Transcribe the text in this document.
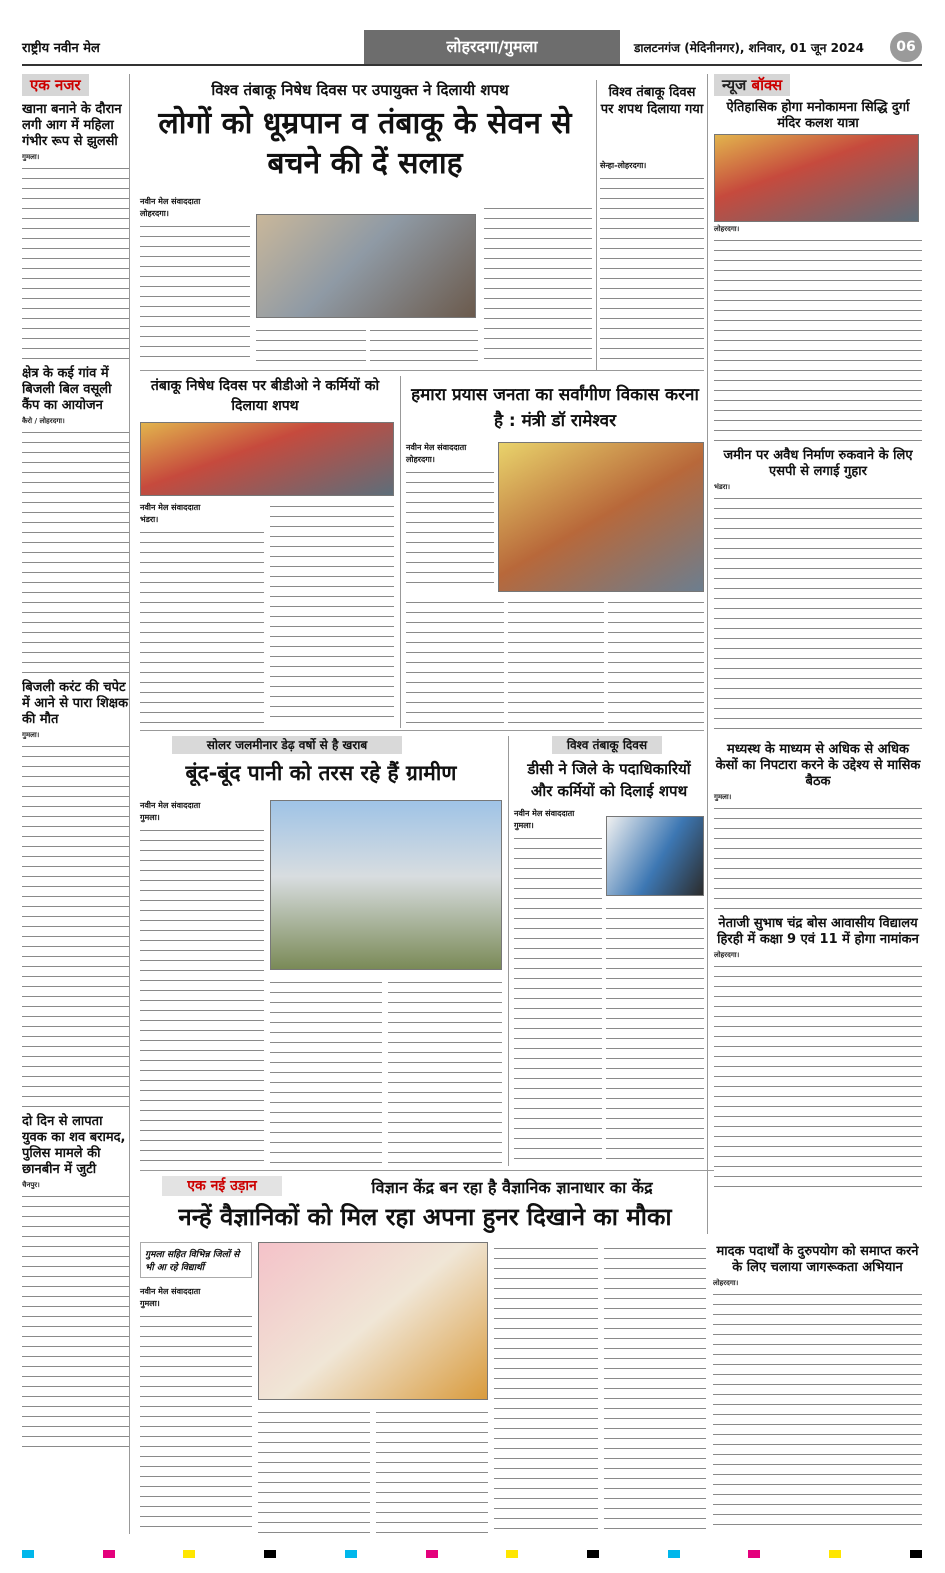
राष्ट्रीय नवीन मेल	लोहरदगा/गुमला	डालटनगंज (मेदिनीनगर), शनिवार, 01 जून 2024	06
एक नजर
खाना बनाने के दौरान लगी आग में महिला गंभीर रूप से झुलसी
गुमला।
क्षेत्र के कई गांव में बिजली बिल वसूली कैंप का आयोजन
कैरो / लोहरदगा।
बिजली करंट की चपेट में आने से पारा शिक्षक की मौत
गुमला।
दो दिन से लापता युवक का शव बरामद, पुलिस मामले की छानबीन में जुटी
चैनपुर।
विश्व तंबाकू निषेध दिवस पर उपायुक्त ने दिलायी शपथ
लोगों को धूम्रपान व तंबाकू के सेवन से बचने की दें सलाह
नवीन मेल संवाददाता
लोहरदगा।
विश्व तंबाकू दिवस पर शपथ दिलाया गया
सेन्हा-लोहरदगा।
तंबाकू निषेध दिवस पर बीडीओ ने कर्मियों को दिलाया शपथ
नवीन मेल संवाददाता
भंडरा।
हमारा प्रयास जनता का सर्वांगीण विकास करना है : मंत्री डॉ रामेश्वर
नवीन मेल संवाददाता
लोहरदगा।
सोलर जलमीनार डेढ़ वर्षो से है खराब
बूंद-बूंद पानी को तरस रहे हैं ग्रामीण
नवीन मेल संवाददाता
गुमला।
विश्व तंबाकू दिवस
डीसी ने जिले के पदाधिकारियों और कर्मियों को दिलाई शपथ
नवीन मेल संवाददाता
गुमला।
एक नई उड़ान	विज्ञान केंद्र बन रहा है वैज्ञानिक ज्ञानाधार का केंद्र
नन्हें वैज्ञानिकों को मिल रहा अपना हुनर दिखाने का मौका
गुमला सहित विभिन्न जिलों से भी आ रहे विद्यार्थी
नवीन मेल संवाददाता
गुमला।
न्यूज बॉक्स
ऐतिहासिक होगा मनोकामना सिद्धि दुर्गा मंदिर कलश यात्रा
लोहरदगा।
जमीन पर अवैध निर्माण रुकवाने के लिए एसपी से लगाई गुहार
भंडरा।
मध्यस्थ के माध्यम से अधिक से अधिक केसों का निपटारा करने के उद्देश्य से मासिक बैठक
गुमला।
नेताजी सुभाष चंद्र बोस आवासीय विद्यालय हिरही में कक्षा 9 एवं 11 में होगा नामांकन
लोहरदगा।
मादक पदार्थों के दुरुपयोग को समाप्त करने के लिए चलाया जागरूकता अभियान
लोहरदगा।
